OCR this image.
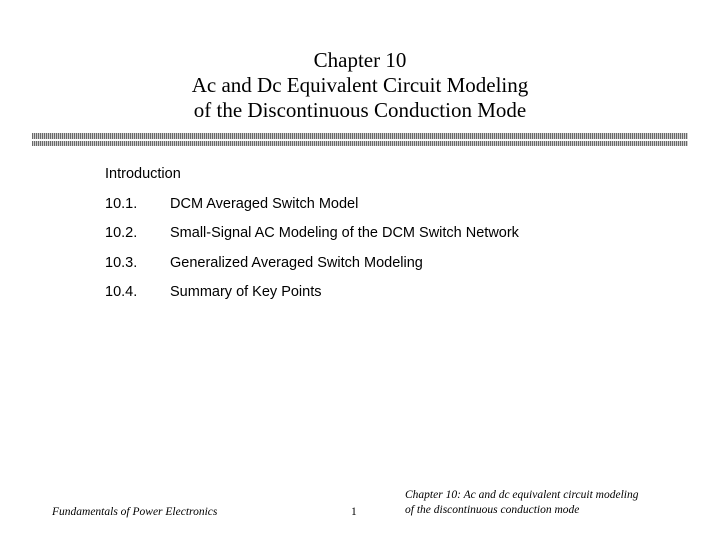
Chapter 10
Ac and Dc Equivalent Circuit Modeling
of the Discontinuous Conduction Mode
Introduction
10.1. DCM Averaged Switch Model
10.2. Small-Signal AC Modeling of the DCM Switch Network
10.3. Generalized Averaged Switch Modeling
10.4. Summary of Key Points
Fundamentals of Power Electronics	1
Chapter 10: Ac and dc equivalent circuit modeling
of the discontinuous conduction mode
